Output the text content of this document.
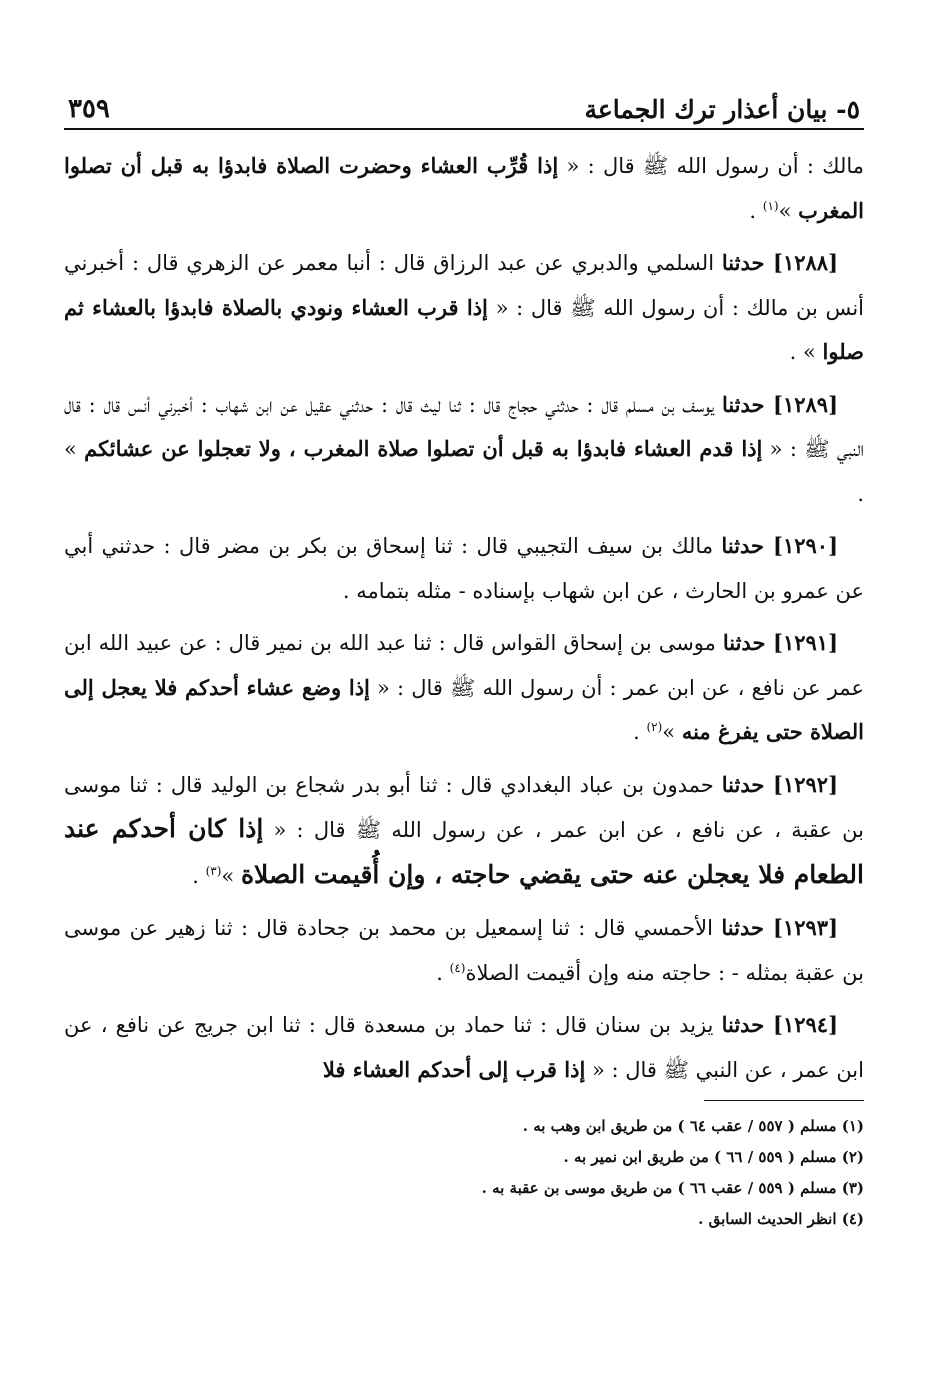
٥- بيان أعذار ترك الجماعة
٣٥٩

مالك : أن رسول الله ﷺ قال : « إذا قُرِّب العشاء وحضرت الصلاة فابدؤا به قبل أن تصلوا المغرب »$^{(١)}$ .

[١٢٨٨] حدثنا السلمي والدبري عن عبد الرزاق قال : أنبا معمر عن الزهري قال : أخبرني أنس بن مالك : أن رسول الله ﷺ قال : « إذا قرب العشاء ونودي بالصلاة فابدؤا بالعشاء ثم صلوا » .

[١٢٨٩] حدثنا يوسف بن مسلم قال : حدثني حجاج قال : ثنا ليث قال : حدثني عقيل عن ابن شهاب : أخبرني أنس قال : قال النبي ﷺ : « إذا قدم العشاء فابدؤا به قبل أن تصلوا صلاة المغرب ، ولا تعجلوا عن عشائكم » .

[١٢٩٠] حدثنا مالك بن سيف التجيبي قال : ثنا إسحاق بن بكر بن مضر قال : حدثني أبي عن عمرو بن الحارث ، عن ابن شهاب بإسناده - مثله بتمامه .

[١٢٩١] حدثنا موسى بن إسحاق القواس قال : ثنا عبد الله بن نمير قال : عن عبيد الله ابن عمر عن نافع ، عن ابن عمر : أن رسول الله ﷺ قال : « إذا وضع عشاء أحدكم فلا يعجل إلى الصلاة حتى يفرغ منه »$^{(٢)}$ .

[١٢٩٢] حدثنا حمدون بن عباد البغدادي قال : ثنا أبو بدر شجاع بن الوليد قال : ثنا موسى بن عقبة ، عن نافع ، عن ابن عمر ، عن رسول الله ﷺ قال : « إذا كان أحدكم عند الطعام فلا يعجلن عنه حتى يقضي حاجته ، وإن أُقيمت الصلاة »$^{(٣)}$ .

[١٢٩٣] حدثنا الأحمسي قال : ثنا إسمعيل بن محمد بن جحادة قال : ثنا زهير عن موسى بن عقبة بمثله - : حاجته منه وإن أقيمت الصلاة$^{(٤)}$ .

[١٢٩٤] حدثنا يزيد بن سنان قال : ثنا حماد بن مسعدة قال : ثنا ابن جريج عن نافع ، عن ابن عمر ، عن النبي ﷺ قال : « إذا قرب إلى أحدكم العشاء فلا

(١) مسلم ( ٥٥٧ / عقب ٦٤ ) من طريق ابن وهب به .
(٢) مسلم ( ٥٥٩ / ٦٦ ) من طريق ابن نمير به .
(٣) مسلم ( ٥٥٩ / عقب ٦٦ ) من طريق موسى بن عقبة به .
(٤) انظر الحديث السابق .
